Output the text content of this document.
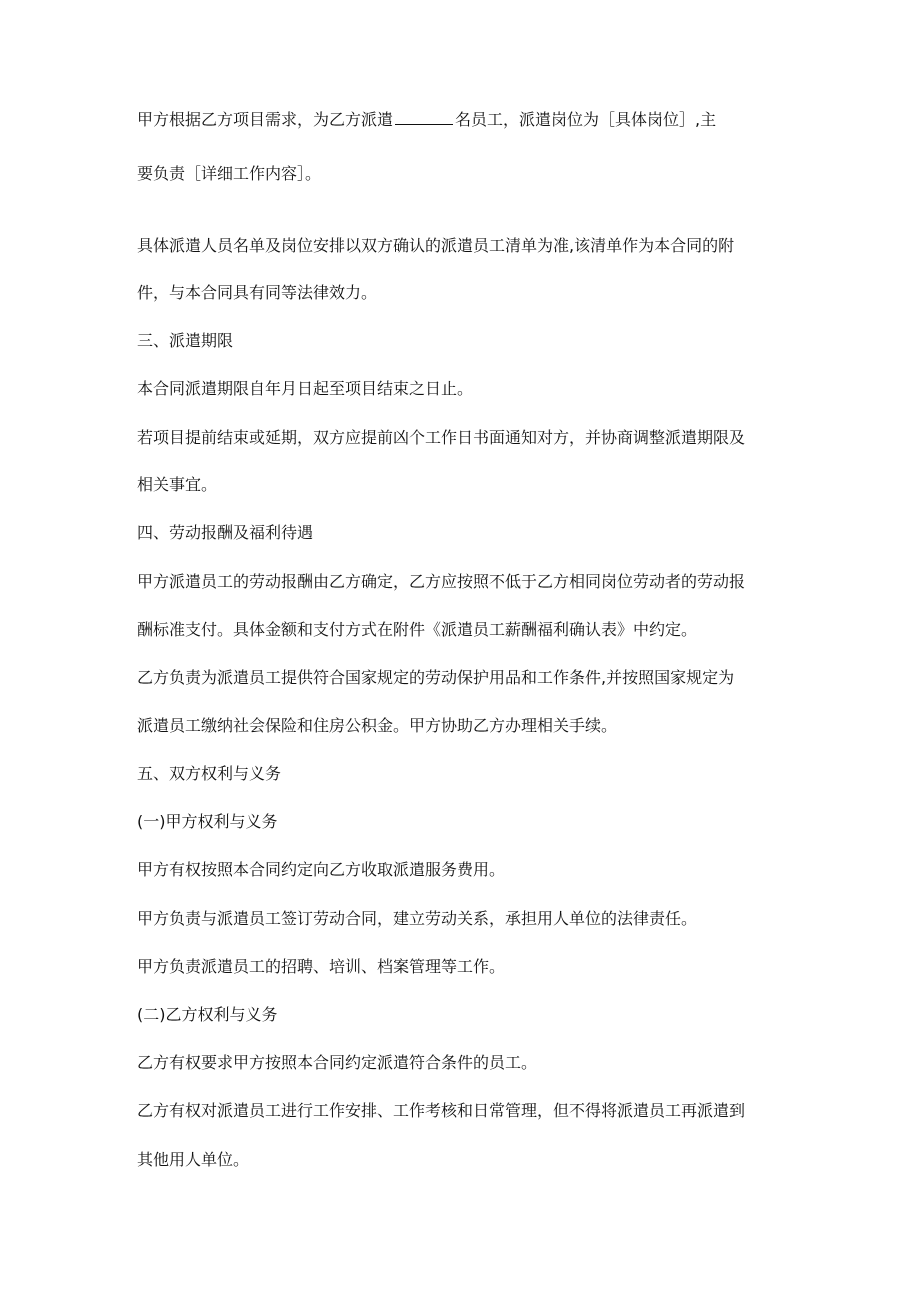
甲方根据乙方项目需求，为乙方派遣	名员工，派遣岗位为［具体岗位］,主

要负责［详细工作内容］。

具体派遣人员名单及岗位安排以双方确认的派遣员工清单为准,该清单作为本合同的附

件，与本合同具有同等法律效力。

三、派遣期限

本合同派遣期限自年月日起至项目结束之日止。

若项目提前结束或延期，双方应提前凶个工作日书面通知对方，并协商调整派遣期限及

相关事宜。

四、劳动报酬及福利待遇

甲方派遣员工的劳动报酬由乙方确定，乙方应按照不低于乙方相同岗位劳动者的劳动报

酬标准支付。具体金额和支付方式在附件《派遣员工薪酬福利确认表》中约定。

乙方负责为派遣员工提供符合国家规定的劳动保护用品和工作条件,并按照国家规定为

派遣员工缴纳社会保险和住房公积金。甲方协助乙方办理相关手续。

五、双方权利与义务

(一)甲方权利与义务

甲方有权按照本合同约定向乙方收取派遣服务费用。

甲方负责与派遣员工签订劳动合同，建立劳动关系，承担用人单位的法律责任。

甲方负责派遣员工的招聘、培训、档案管理等工作。

(二)乙方权利与义务

乙方有权要求甲方按照本合同约定派遣符合条件的员工。

乙方有权对派遣员工进行工作安排、工作考核和日常管理，但不得将派遣员工再派遣到

其他用人单位。
